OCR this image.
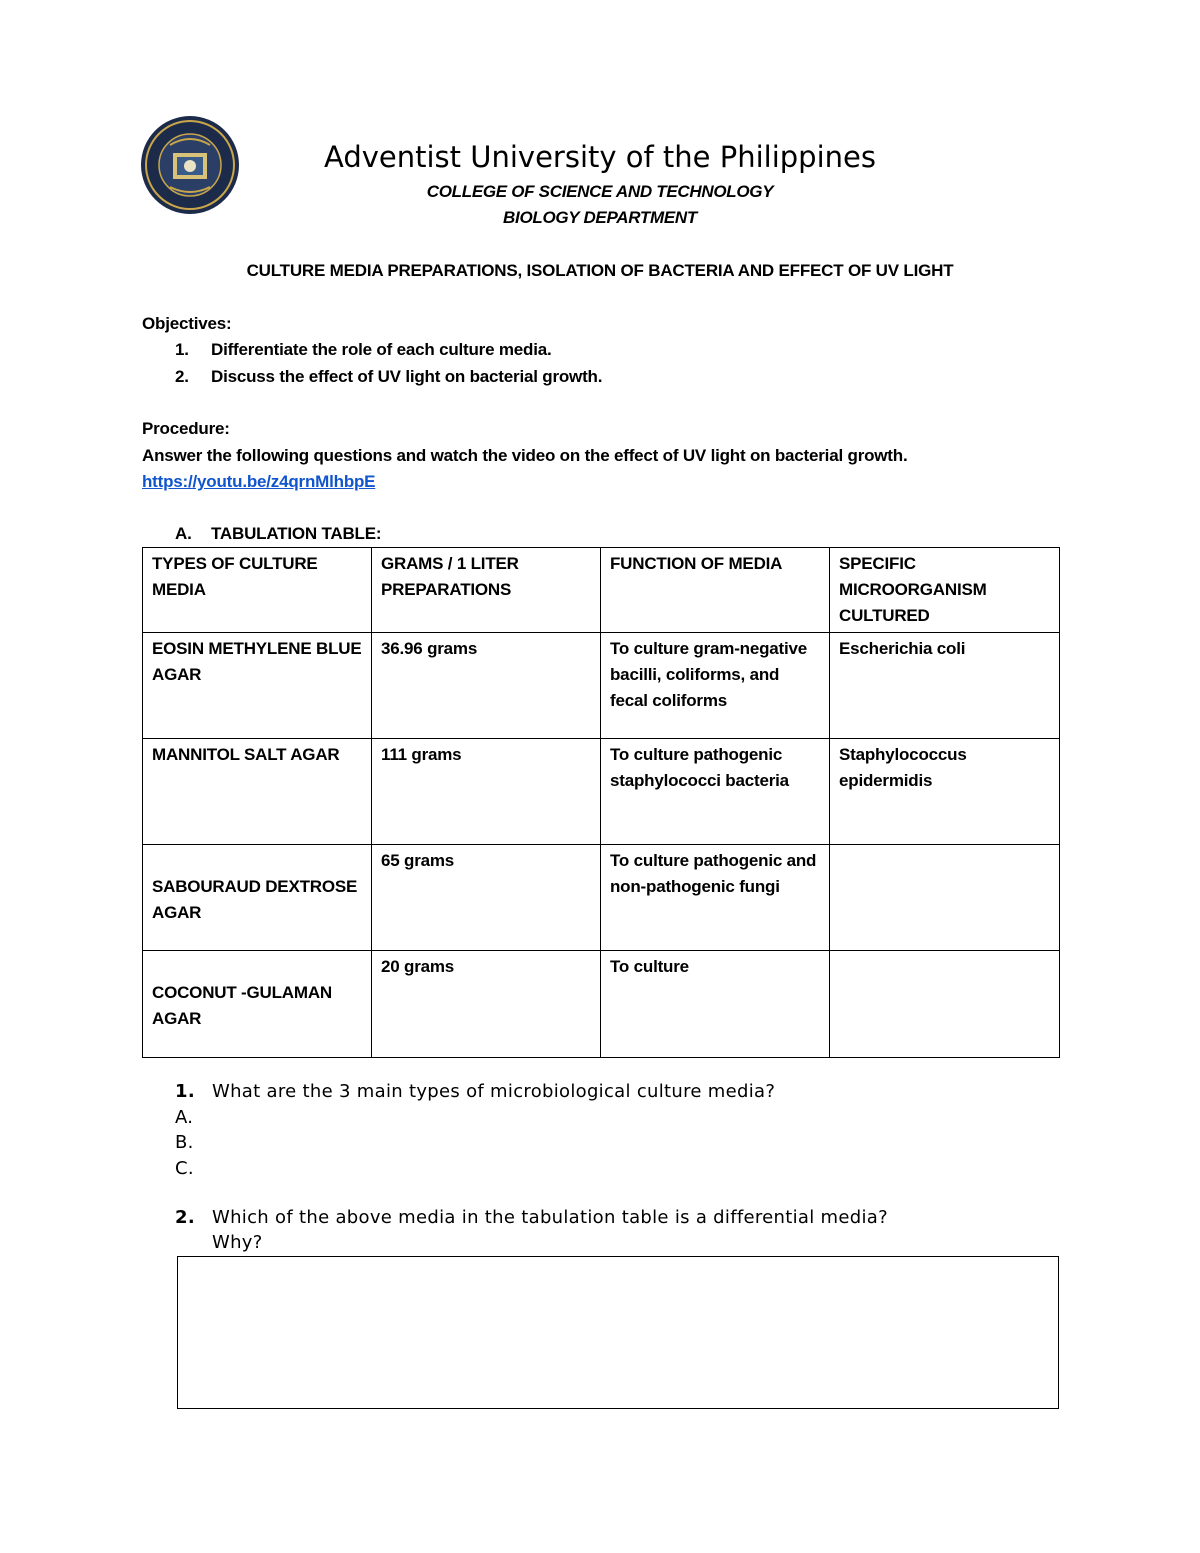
Adventist University of the Philippines
COLLEGE OF SCIENCE AND TECHNOLOGY
BIOLOGY DEPARTMENT
CULTURE MEDIA PREPARATIONS, ISOLATION OF BACTERIA AND EFFECT OF UV LIGHT
Objectives:
1. Differentiate the role of each culture media.
2. Discuss the effect of UV light on bacterial growth.
Procedure:
Answer the following questions and watch the video on the effect of UV light on bacterial growth.
https://youtu.be/z4qrnMlhbpE
A. TABULATION TABLE:
TYPES OF CULTURE MEDIA	GRAMS / 1 LITER PREPARATIONS	FUNCTION OF MEDIA	SPECIFIC MICROORGANISM CULTURED
EOSIN METHYLENE BLUE AGAR	36.96 grams	To culture gram-negative bacilli, coliforms, and fecal coliforms	Escherichia coli
MANNITOL SALT AGAR	111 grams	To culture pathogenic staphylococci bacteria	Staphylococcus epidermidis
SABOURAUD DEXTROSE AGAR	65 grams	To culture pathogenic and non-pathogenic fungi	
COCONUT -GULAMAN AGAR	20 grams	To culture	
1. What are the 3 main types of microbiological culture media?
A.
B.
C.
2. Which of the above media in the tabulation table is a differential media?
Why?
